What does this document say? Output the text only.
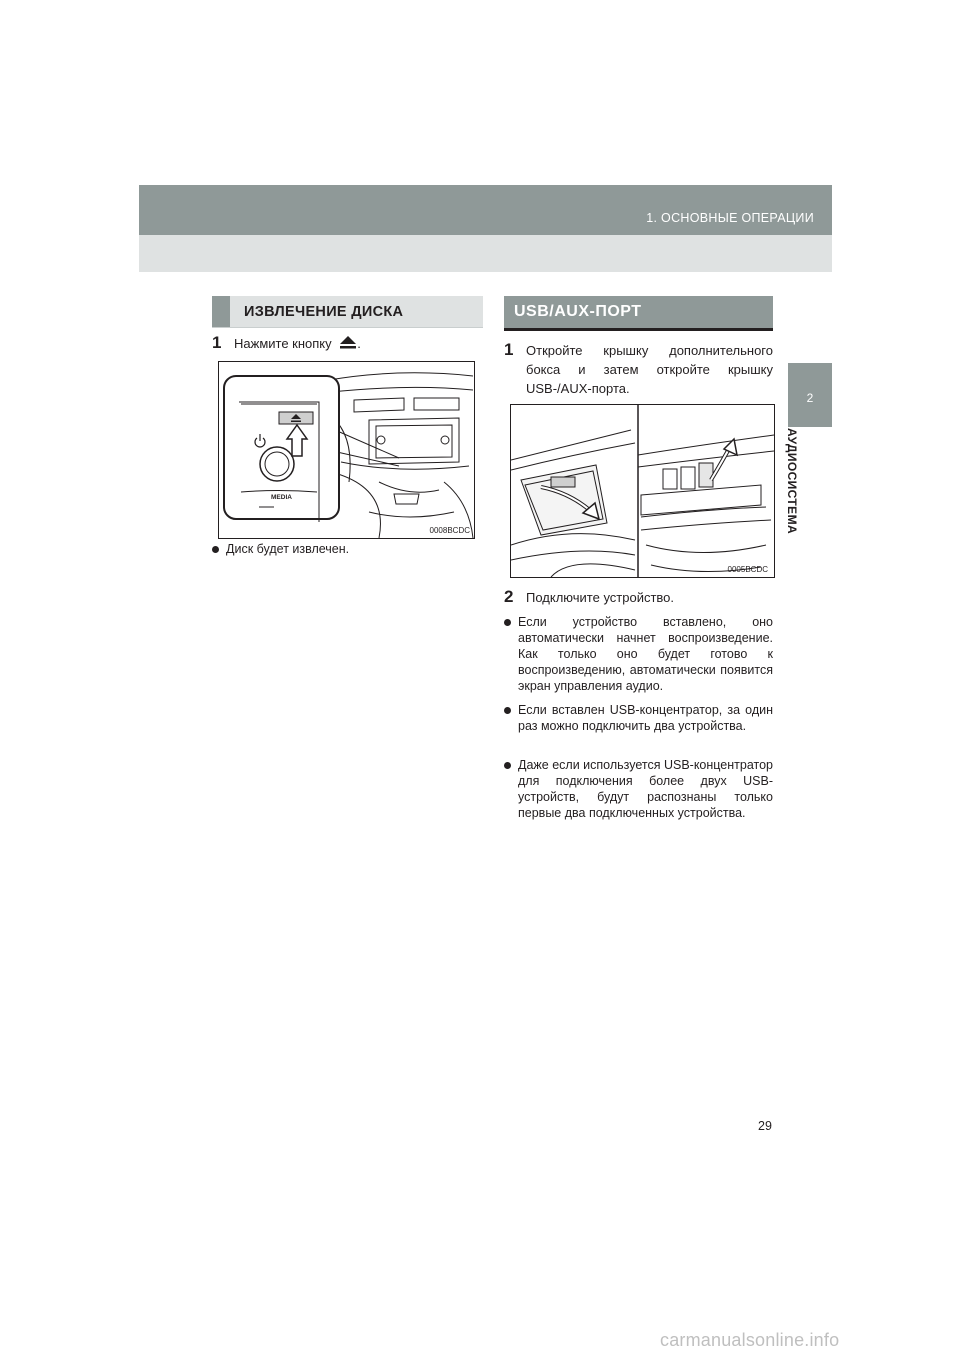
1. ОСНОВНЫЕ ОПЕРАЦИИ
2
АУДИОСИСТЕМА
ИЗВЛЕЧЕНИЕ ДИСКА
1 Нажмите кнопку .
MEDIA
0008BCDC
Диск будет извлечен.
USB/AUX-ПОРТ
1 Откройте крышку дополнительного боксa и затем откройте крышку USB-/AUX-порта.
0005BCDC
2 Подключите устройство.
Если устройство вставлено, оно автоматически начнет воспроизведение. Как только оно будет готово к воспроизведению, автоматически появится экран управления аудио.
Если вставлен USB-концентратор, за один раз можно подключить два устройства.
Даже если используется USB-концентратор для подключения более двух USB-устройств, будут распознаны только первые два подключенных устройства.
29
carmanualsonline.info
